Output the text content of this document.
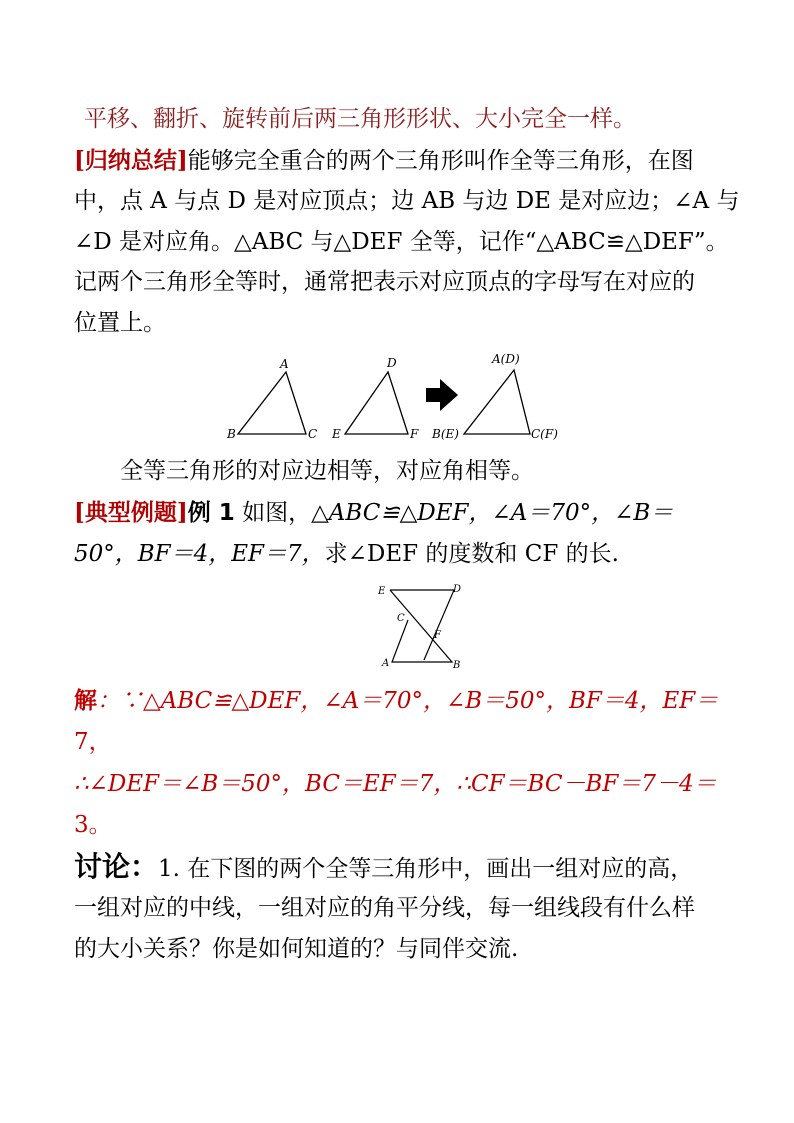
平移、翻折、旋转前后两三角形形状、大小完全一样。
[归纳总结]能够完全重合的两个三角形叫作全等三角形，在图
中，点 A 与点 D 是对应顶点；边 AB 与边 DE 是对应边；∠A 与
∠D 是对应角。△ABC 与△DEF 全等，记作“△ABC≌△DEF”。
记两个三角形全等时，通常把表示对应顶点的字母写在对应的
位置上。
A
B	C
D
E	F
A(D)
B(E)	C(F)
全等三角形的对应边相等，对应角相等。
[典型例题]例 1 如图，△ABC≌△DEF，∠A＝70°，∠B＝
50°，BF＝4，EF＝7，求∠DEF 的度数和 CF 的长.
E	D
C
F
A	B
解：∵△ABC≌△DEF，∠A＝70°，∠B＝50°，BF＝4，EF＝
7，
∴∠DEF＝∠B＝50°，BC＝EF＝7，∴CF＝BC－BF＝7－4＝
3。
讨论：1. 在下图的两个全等三角形中，画出一组对应的高，
一组对应的中线，一组对应的角平分线，每一组线段有什么样
的大小关系？你是如何知道的？与同伴交流.
